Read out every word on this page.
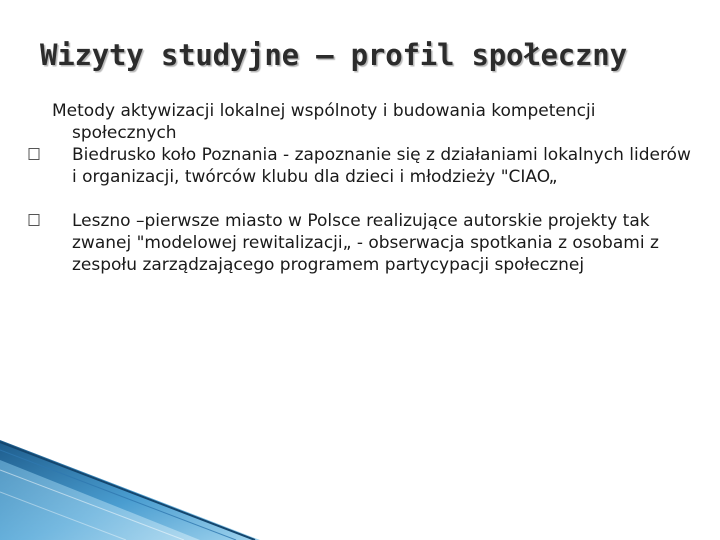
Wizyty studyjne – profil społeczny

Metody aktywizacji lokalnej wspólnoty i budowania kompetencji społecznych

Biedrusko koło Poznania - zapoznanie się z działaniami lokalnych liderów i organizacji, twórców klubu dla dzieci i młodzieży "CIAO„
Leszno –pierwsze miasto w Polsce realizujące autorskie projekty tak zwanej "modelowej rewitalizacji„ - obserwacja spotkania z osobami z zespołu zarządzającego programem partycypacji społecznej
